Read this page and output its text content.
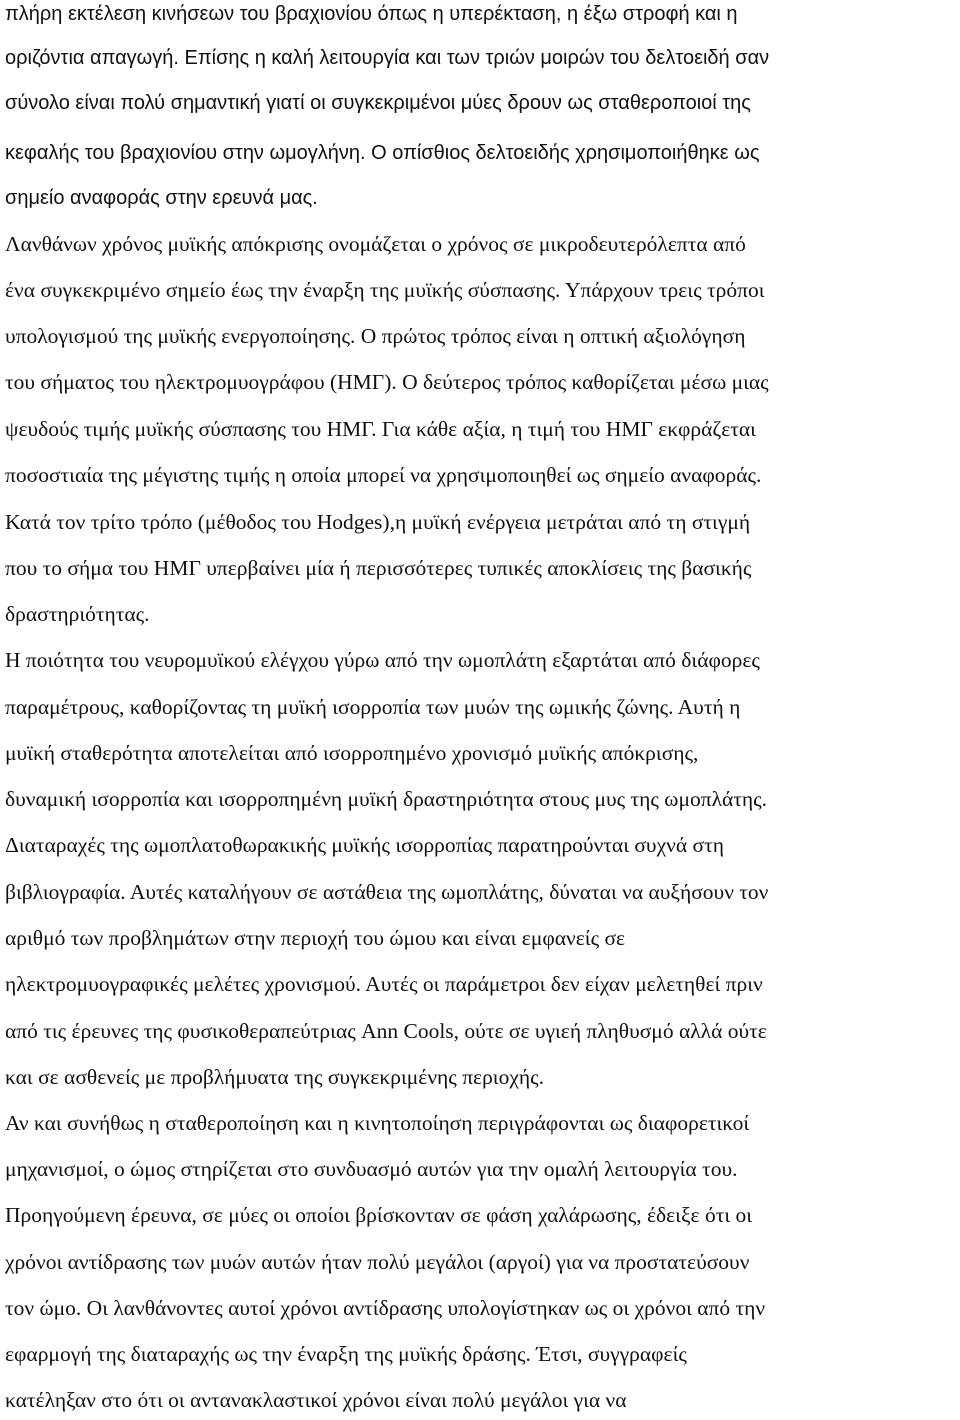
πλήρη εκτέλεση κινήσεων του βραχιονίου όπως η υπερέκταση, η έξω στροφή και η
οριζόντια απαγωγή. Επίσης η καλή λειτουργία και των τριών μοιρών του δελτοειδή σαν
σύνολο είναι πολύ σημαντική γιατί οι συγκεκριμένοι μύες δρουν ως σταθεροποιοί της
κεφαλής του βραχιονίου στην ωμογλήνη. Ο οπίσθιος δελτοειδής χρησιμοποιήθηκε ως
σημείο αναφοράς στην ερευνά μας.
Λανθάνων χρόνος μυϊκής απόκρισης ονομάζεται ο χρόνος σε μικροδευτερόλεπτα από
ένα συγκεκριμένο σημείο έως την έναρξη της μυϊκής σύσπασης. Υπάρχουν τρεις τρόποι
υπολογισμού της μυϊκής ενεργοποίησης. Ο πρώτος τρόπος είναι η οπτική αξιολόγηση
του σήματος του ηλεκτρομυογράφου (ΗΜΓ). Ο δεύτερος τρόπος καθορίζεται μέσω μιας
ψευδούς τιμής μυϊκής σύσπασης του ΗΜΓ. Για κάθε αξία, η τιμή του ΗΜΓ εκφράζεται
ποσοστιαία της μέγιστης τιμής η οποία μπορεί να χρησιμοποιηθεί ως σημείο αναφοράς.
Κατά τον τρίτο τρόπο (μέθοδος του Hodges),η μυϊκή ενέργεια μετράται από τη στιγμή
που το σήμα του ΗΜΓ υπερβαίνει μία ή περισσότερες τυπικές αποκλίσεις της βασικής
δραστηριότητας.
Η ποιότητα του νευρομυϊκού ελέγχου γύρω από την ωμοπλάτη εξαρτάται από διάφορες
παραμέτρους, καθορίζοντας τη μυϊκή ισορροπία των μυών της ωμικής ζώνης. Αυτή η
μυϊκή σταθερότητα αποτελείται από ισορροπημένο χρονισμό μυϊκής απόκρισης,
δυναμική ισορροπία και ισορροπημένη μυϊκή δραστηριότητα στους μυς της ωμοπλάτης.
Διαταραχές της ωμοπλατοθωρακικής μυϊκής ισορροπίας παρατηρούνται συχνά στη
βιβλιογραφία. Αυτές καταλήγουν σε αστάθεια της ωμοπλάτης, δύναται να αυξήσουν τον
αριθμό των προβλημάτων στην περιοχή του ώμου και είναι εμφανείς σε
ηλεκτρομυογραφικές μελέτες χρονισμού. Αυτές οι παράμετροι δεν είχαν μελετηθεί πριν
από τις έρευνες της φυσικοθεραπεύτριας Ann Cools, ούτε σε υγιεή πληθυσμό αλλά ούτε
και σε ασθενείς με προβλήμυατα της συγκεκριμένης περιοχής.
Αν και συνήθως η σταθεροποίηση και η κινητοποίηση περιγράφονται ως διαφορετικοί
μηχανισμοί, ο ώμος στηρίζεται στο συνδυασμό αυτών για την ομαλή λειτουργία του.
Προηγούμενη έρευνα, σε μύες οι οποίοι βρίσκονταν σε φάση χαλάρωσης, έδειξε ότι οι
χρόνοι αντίδρασης των μυών αυτών ήταν πολύ μεγάλοι (αργοί) για να προστατεύσουν
τον ώμο. Οι λανθάνοντες αυτοί χρόνοι αντίδρασης υπολογίστηκαν ως οι χρόνοι από την
εφαρμογή της διαταραχής ως την έναρξη της μυϊκής δράσης. Έτσι, συγγραφείς
κατέληξαν στο ότι οι αντανακλαστικοί χρόνοι είναι πολύ μεγάλοι για να
